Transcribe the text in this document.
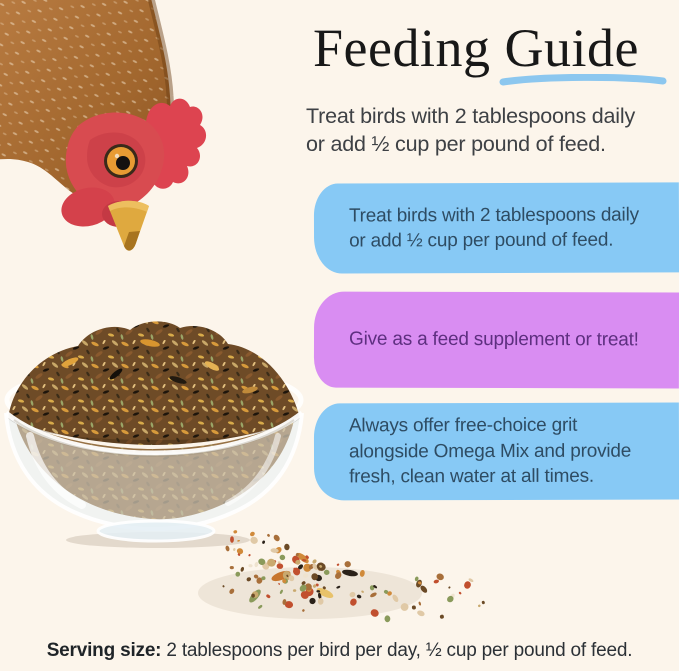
Feeding Guide
Treat birds with 2 tablespoons daily
or add ½ cup per pound of feed.
Treat birds with 2 tablespoons daily
or add ½ cup per pound of feed.
Give as a feed supplement or treat!
Always offer free-choice grit
alongside Omega Mix and provide
fresh, clean water at all times.
Serving size: 2 tablespoons per bird per day, ½ cup per pound of feed.
